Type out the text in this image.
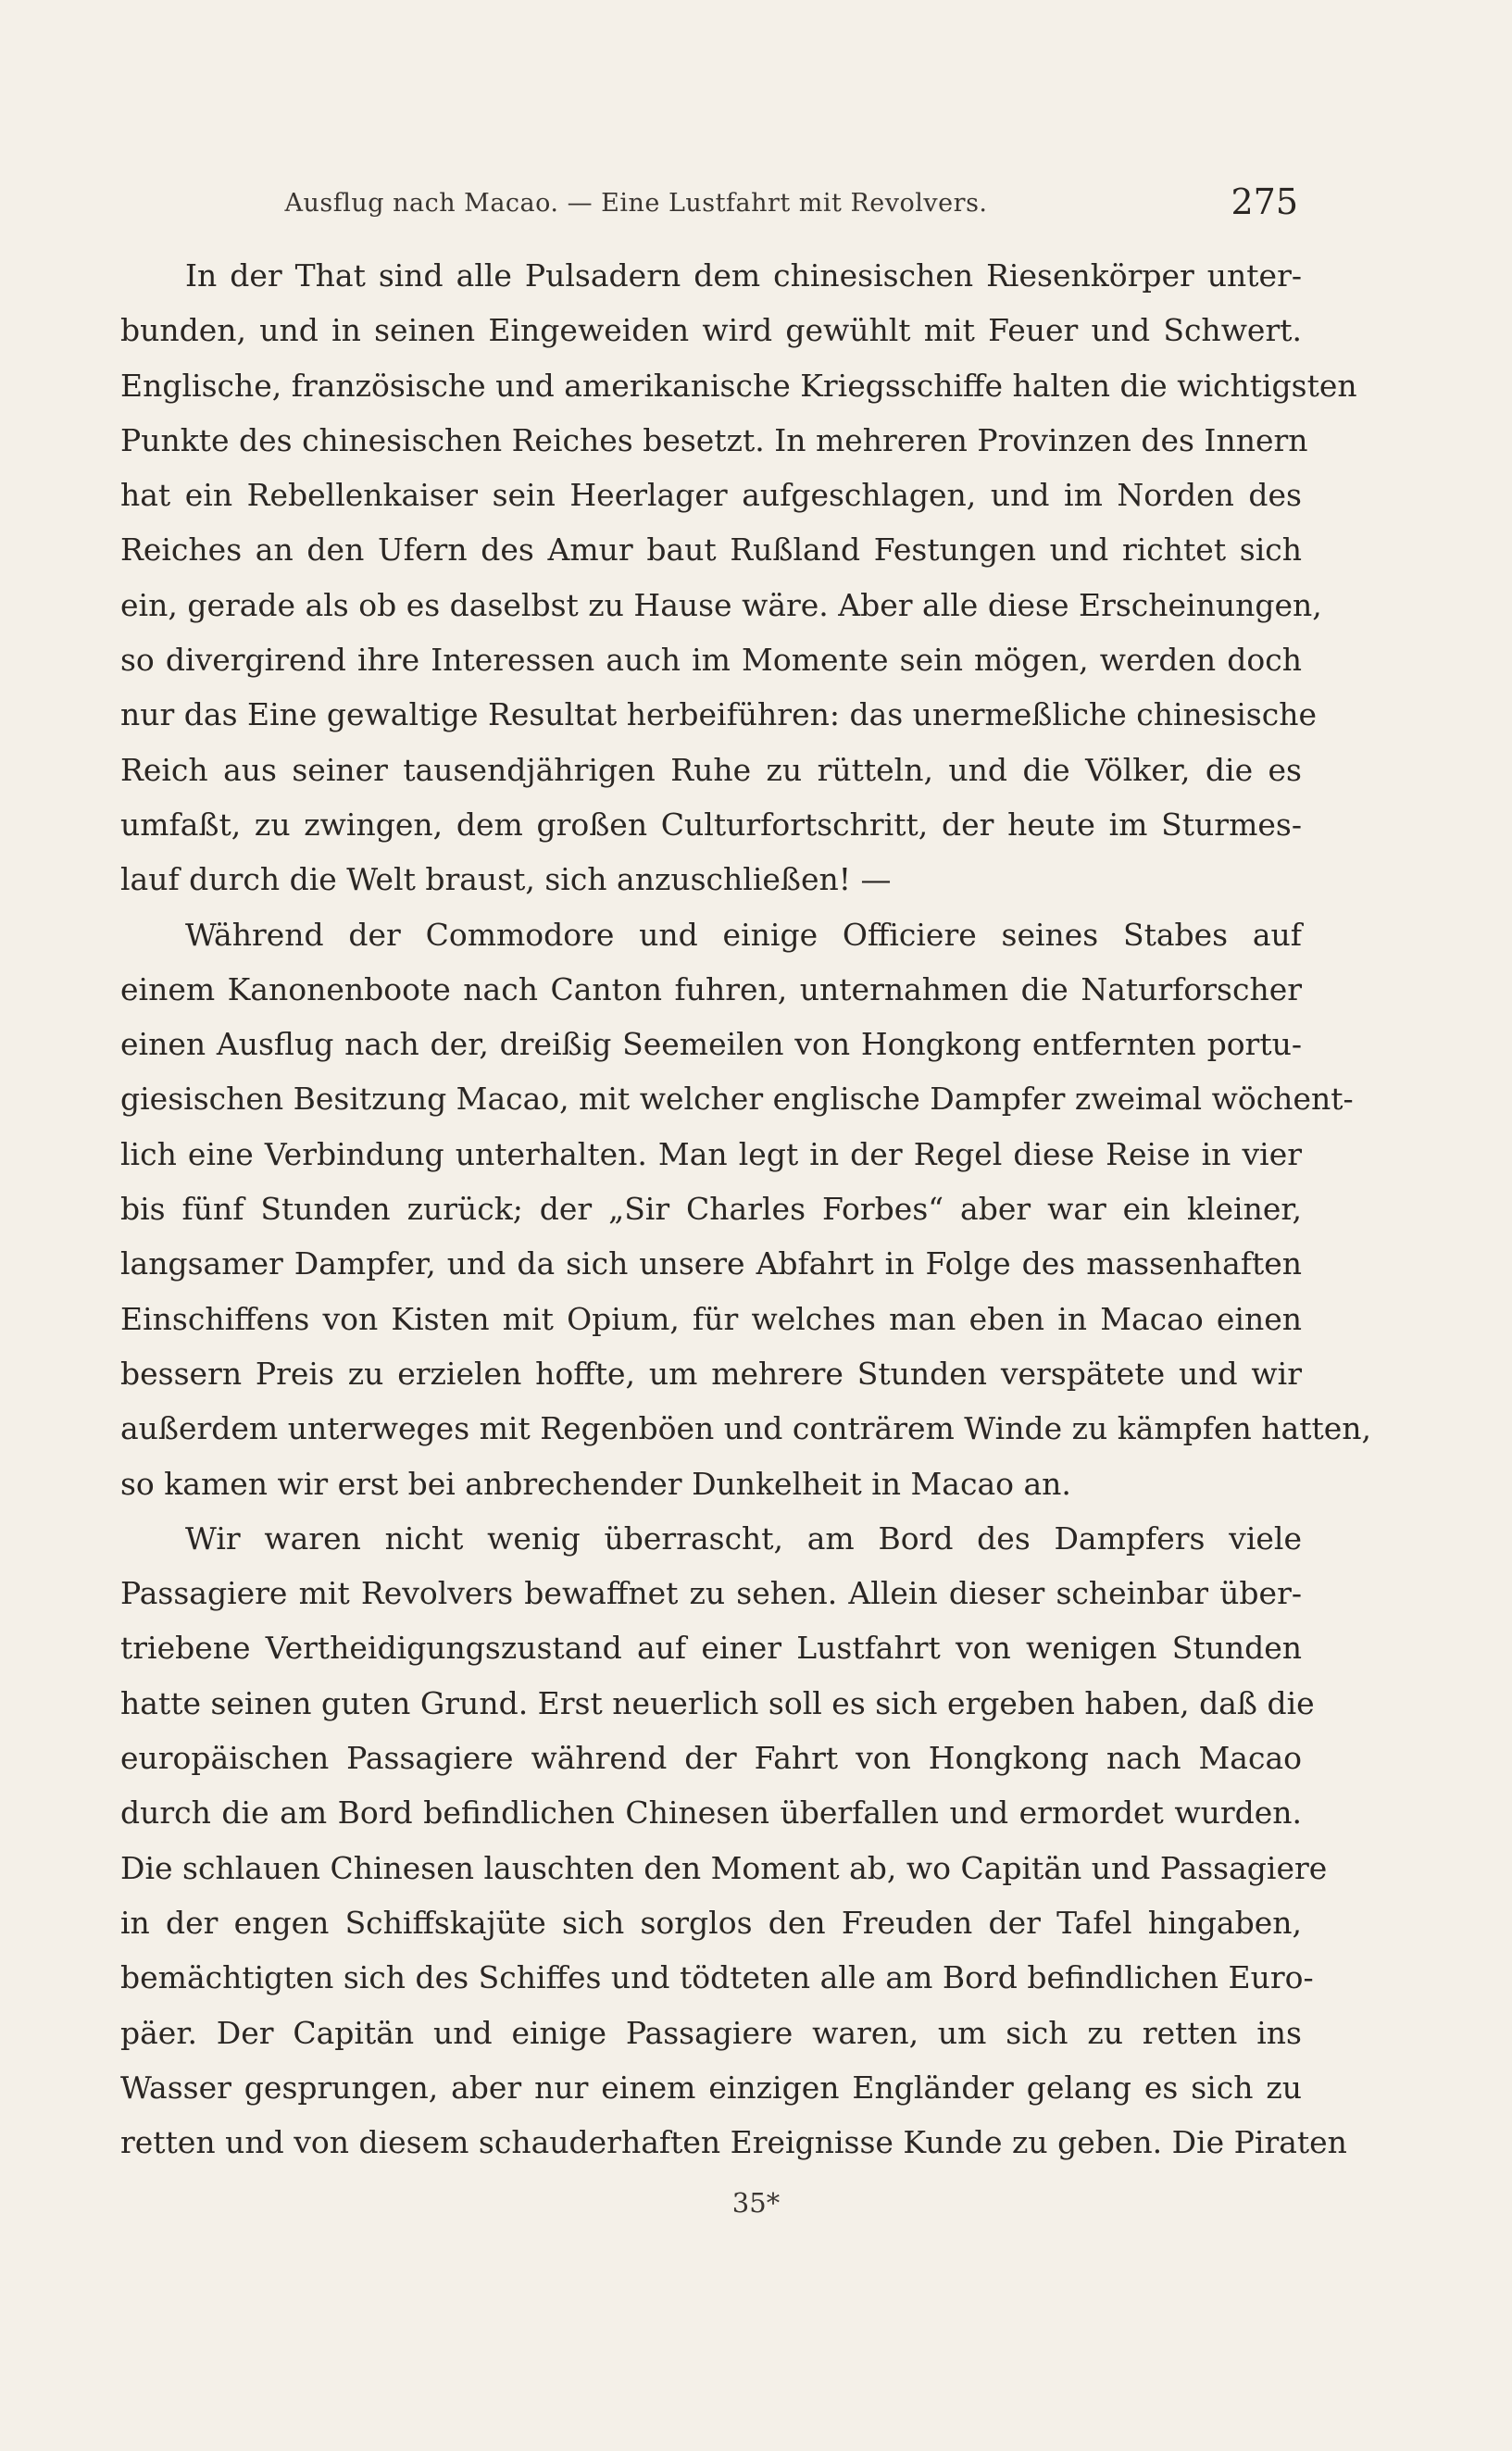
Ausflug nach Macao. — Eine Lustfahrt mit Revolvers.	275
In der That sind alle Pulsadern dem chinesischen Riesenkörper unter-
bunden, und in seinen Eingeweiden wird gewühlt mit Feuer und Schwert.
Englische, französische und amerikanische Kriegsschiffe halten die wichtigsten
Punkte des chinesischen Reiches besetzt. In mehreren Provinzen des Innern
hat ein Rebellenkaiser sein Heerlager aufgeschlagen, und im Norden des
Reiches an den Ufern des Amur baut Rußland Festungen und richtet sich
ein, gerade als ob es daselbst zu Hause wäre. Aber alle diese Erscheinungen,
so divergirend ihre Interessen auch im Momente sein mögen, werden doch
nur das Eine gewaltige Resultat herbeiführen: das unermeßliche chinesische
Reich aus seiner tausendjährigen Ruhe zu rütteln, und die Völker, die es
umfaßt, zu zwingen, dem großen Culturfortschritt, der heute im Sturmes-
lauf durch die Welt braust, sich anzuschließen! —
Während der Commodore und einige Officiere seines Stabes auf
einem Kanonenboote nach Canton fuhren, unternahmen die Naturforscher
einen Ausflug nach der, dreißig Seemeilen von Hongkong entfernten portu-
giesischen Besitzung Macao, mit welcher englische Dampfer zweimal wöchent-
lich eine Verbindung unterhalten. Man legt in der Regel diese Reise in vier
bis fünf Stunden zurück; der „Sir Charles Forbes“ aber war ein kleiner,
langsamer Dampfer, und da sich unsere Abfahrt in Folge des massenhaften
Einschiffens von Kisten mit Opium, für welches man eben in Macao einen
bessern Preis zu erzielen hoffte, um mehrere Stunden verspätete und wir
außerdem unterweges mit Regenböen und conträrem Winde zu kämpfen hatten,
so kamen wir erst bei anbrechender Dunkelheit in Macao an.
Wir waren nicht wenig überrascht, am Bord des Dampfers viele
Passagiere mit Revolvers bewaffnet zu sehen. Allein dieser scheinbar über-
triebene Vertheidigungszustand auf einer Lustfahrt von wenigen Stunden
hatte seinen guten Grund. Erst neuerlich soll es sich ergeben haben, daß die
europäischen Passagiere während der Fahrt von Hongkong nach Macao
durch die am Bord befindlichen Chinesen überfallen und ermordet wurden.
Die schlauen Chinesen lauschten den Moment ab, wo Capitän und Passagiere
in der engen Schiffskajüte sich sorglos den Freuden der Tafel hingaben,
bemächtigten sich des Schiffes und tödteten alle am Bord befindlichen Euro-
päer. Der Capitän und einige Passagiere waren, um sich zu retten ins
Wasser gesprungen, aber nur einem einzigen Engländer gelang es sich zu
retten und von diesem schauderhaften Ereignisse Kunde zu geben. Die Piraten
35*
